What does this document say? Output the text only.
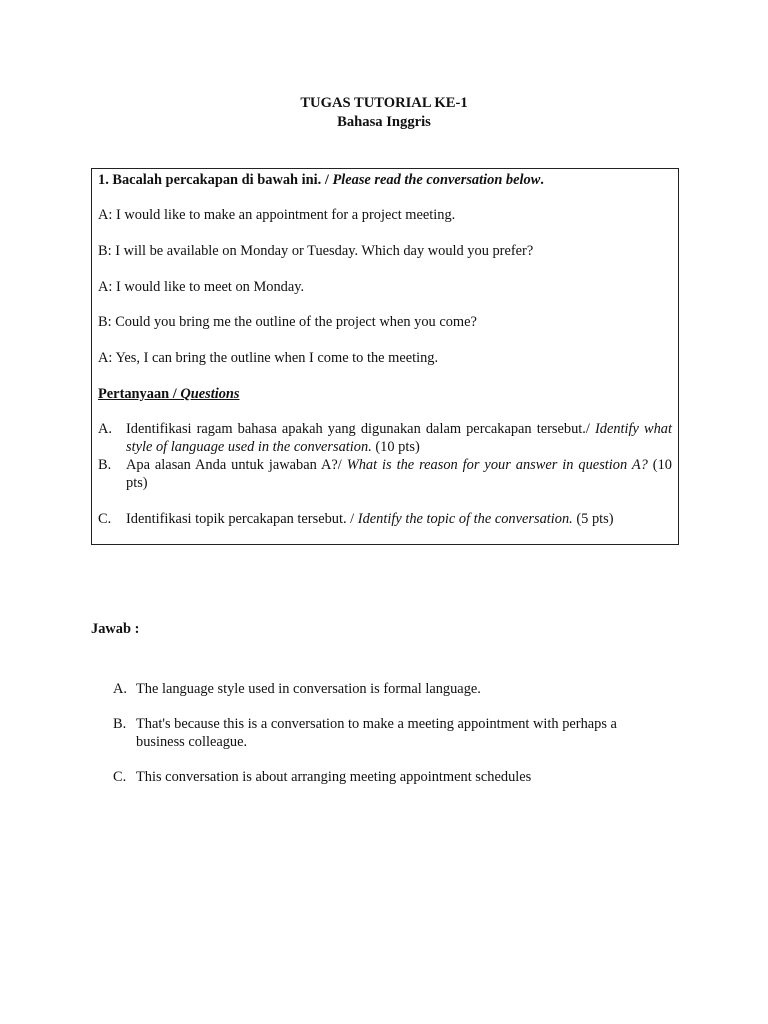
TUGAS TUTORIAL KE-1
Bahasa Inggris
1. Bacalah percakapan di bawah ini. / Please read the conversation below.
A: I would like to make an appointment for a project meeting.
B: I will be available on Monday or Tuesday. Which day would you prefer?
A: I would like to meet on Monday.
B: Could you bring me the outline of the project when you come?
A: Yes, I can bring the outline when I come to the meeting.
Pertanyaan / Questions
A. Identifikasi ragam bahasa apakah yang digunakan dalam percakapan tersebut./ Identify what style of language used in the conversation. (10 pts)
B. Apa alasan Anda untuk jawaban A?/ What is the reason for your answer in question A? (10 pts)
C. Identifikasi topik percakapan tersebut. / Identify the topic of the conversation. (5 pts)
Jawab :
A. The language style used in conversation is formal language.
B. That's because this is a conversation to make a meeting appointment with perhaps a business colleague.
C. This conversation is about arranging meeting appointment schedules
